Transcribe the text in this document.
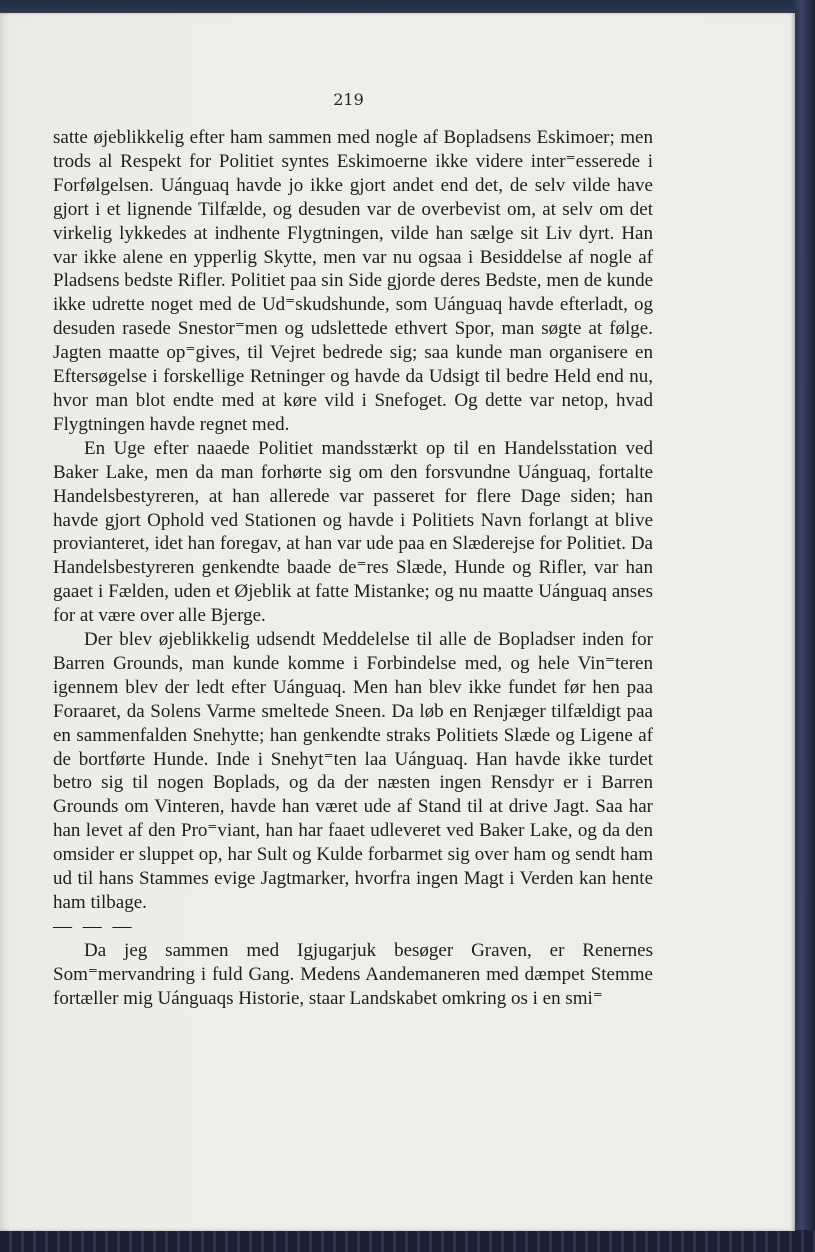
219

satte øjeblikkelig efter ham sammen med nogle af Bopladsens Eskimoer; men trods al Respekt for Politiet syntes Eskimoerne ikke videre inter⁼esserede i Forfølgelsen. Uánguaq havde jo ikke gjort andet end det, de selv vilde have gjort i et lignende Tilfælde, og desuden var de overbevist om, at selv om det virkelig lykkedes at indhente Flygtningen, vilde han sælge sit Liv dyrt. Han var ikke alene en ypperlig Skytte, men var nu ogsaa i Besiddelse af nogle af Pladsens bedste Rifler. Politiet paa sin Side gjorde deres Bedste, men de kunde ikke udrette noget med de Ud⁼skudshunde, som Uánguaq havde efterladt, og desuden rasede Snestor⁼men og udslettede ethvert Spor, man søgte at følge. Jagten maatte op⁼gives, til Vejret bedrede sig; saa kunde man organisere en Eftersøgelse i forskellige Retninger og havde da Udsigt til bedre Held end nu, hvor man blot endte med at køre vild i Snefoget. Og dette var netop, hvad Flygtningen havde regnet med.

En Uge efter naaede Politiet mandsstærkt op til en Handelsstation ved Baker Lake, men da man forhørte sig om den forsvundne Uánguaq, fortalte Handelsbestyreren, at han allerede var passeret for flere Dage siden; han havde gjort Ophold ved Stationen og havde i Politiets Navn forlangt at blive provianteret, idet han foregav, at han var ude paa en Slæderejse for Politiet. Da Handelsbestyreren genkendte baade de⁼res Slæde, Hunde og Rifler, var han gaaet i Fælden, uden et Øjeblik at fatte Mistanke; og nu maatte Uánguaq anses for at være over alle Bjerge.

Der blev øjeblikkelig udsendt Meddelelse til alle de Bopladser inden for Barren Grounds, man kunde komme i Forbindelse med, og hele Vin⁼teren igennem blev der ledt efter Uánguaq. Men han blev ikke fundet før hen paa Foraaret, da Solens Varme smeltede Sneen. Da løb en Renjæger tilfældigt paa en sammenfalden Snehytte; han genkendte straks Politiets Slæde og Ligene af de bortførte Hunde. Inde i Snehyt⁼ten laa Uánguaq. Han havde ikke turdet betro sig til nogen Boplads, og da der næsten ingen Rensdyr er i Barren Grounds om Vinteren, havde han været ude af Stand til at drive Jagt. Saa har han levet af den Pro⁼viant, han har faaet udleveret ved Baker Lake, og da den omsider er sluppet op, har Sult og Kulde forbarmet sig over ham og sendt ham ud til hans Stammes evige Jagtmarker, hvorfra ingen Magt i Verden kan hente ham tilbage.

— — —

Da jeg sammen med Igjugarjuk besøger Graven, er Renernes Som⁼mervandring i fuld Gang. Medens Aandemaneren med dæmpet Stemme fortæller mig Uánguaqs Historie, staar Landskabet omkring os i en smi⁼
